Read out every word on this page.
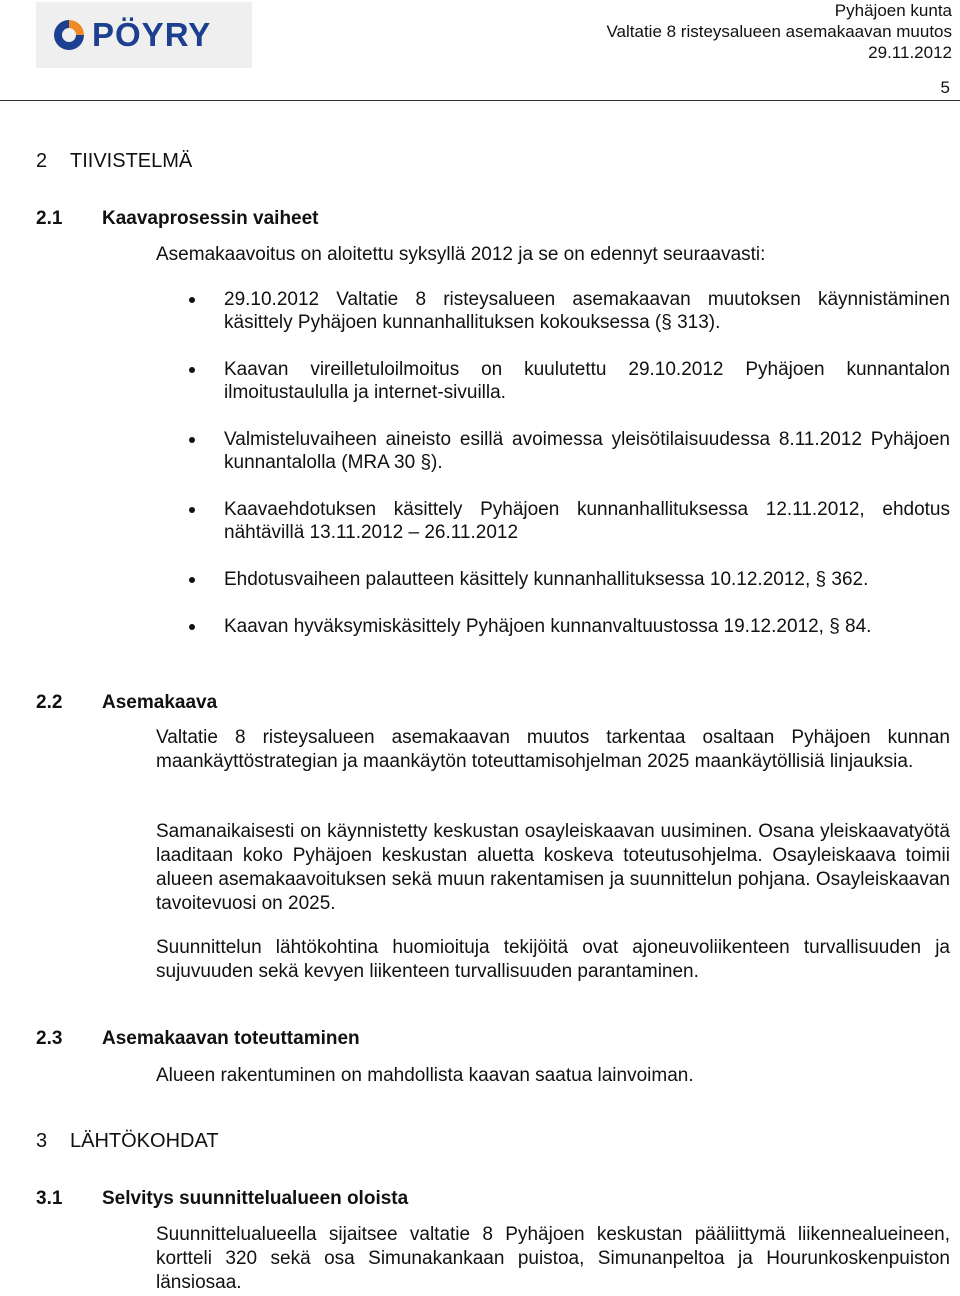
PÖYRY
Pyhäjoen kunta
Valtatie 8 risteysalueen asemakaavan muutos
29.11.2012
5
2 TIIVISTELMÄ
2.1 Kaavaprosessin vaiheet
Asemakaavoitus on aloitettu syksyllä 2012 ja se on edennyt seuraavasti:
29.10.2012 Valtatie 8 risteysalueen asemakaavan muutoksen käynnistäminen käsittely Pyhäjoen kunnanhallituksen kokouksessa (§ 313).
Kaavan vireilletuloilmoitus on kuulutettu 29.10.2012 Pyhäjoen kunnantalon ilmoitustaululla ja internet-sivuilla.
Valmisteluvaiheen aineisto esillä avoimessa yleisötilaisuudessa 8.11.2012 Pyhäjoen kunnantalolla (MRA 30 §).
Kaavaehdotuksen käsittely Pyhäjoen kunnanhallituksessa 12.11.2012, ehdotus nähtävillä 13.11.2012 – 26.11.2012
Ehdotusvaiheen palautteen käsittely kunnanhallituksessa 10.12.2012, § 362.
Kaavan hyväksymiskäsittely Pyhäjoen kunnanvaltuustossa 19.12.2012, § 84.
2.2 Asemakaava
Valtatie 8 risteysalueen asemakaavan muutos tarkentaa osaltaan Pyhäjoen kunnan maankäyttöstrategian ja maankäytön toteuttamisohjelman 2025 maankäytöllisiä linjauksia.
Samanaikaisesti on käynnistetty keskustan osayleiskaavan uusiminen. Osana yleiskaavatyötä laaditaan koko Pyhäjoen keskustan aluetta koskeva toteutusohjelma. Osayleiskaava toimii alueen asemakaavoituksen sekä muun rakentamisen ja suunnittelun pohjana. Osayleiskaavan tavoitevuosi on 2025.
Suunnittelun lähtökohtina huomioituja tekijöitä ovat ajoneuvoliikenteen turvallisuuden ja sujuvuuden sekä kevyen liikenteen turvallisuuden parantaminen.
2.3 Asemakaavan toteuttaminen
Alueen rakentuminen on mahdollista kaavan saatua lainvoiman.
3 LÄHTÖKOHDAT
3.1 Selvitys suunnittelualueen oloista
Suunnittelualueella sijaitsee valtatie 8 Pyhäjoen keskustan pääliittymä liikennealueineen, kortteli 320 sekä osa Simunakankaan puistoa, Simunanpeltoa ja Hourunkoskenpuiston länsiosaa.
